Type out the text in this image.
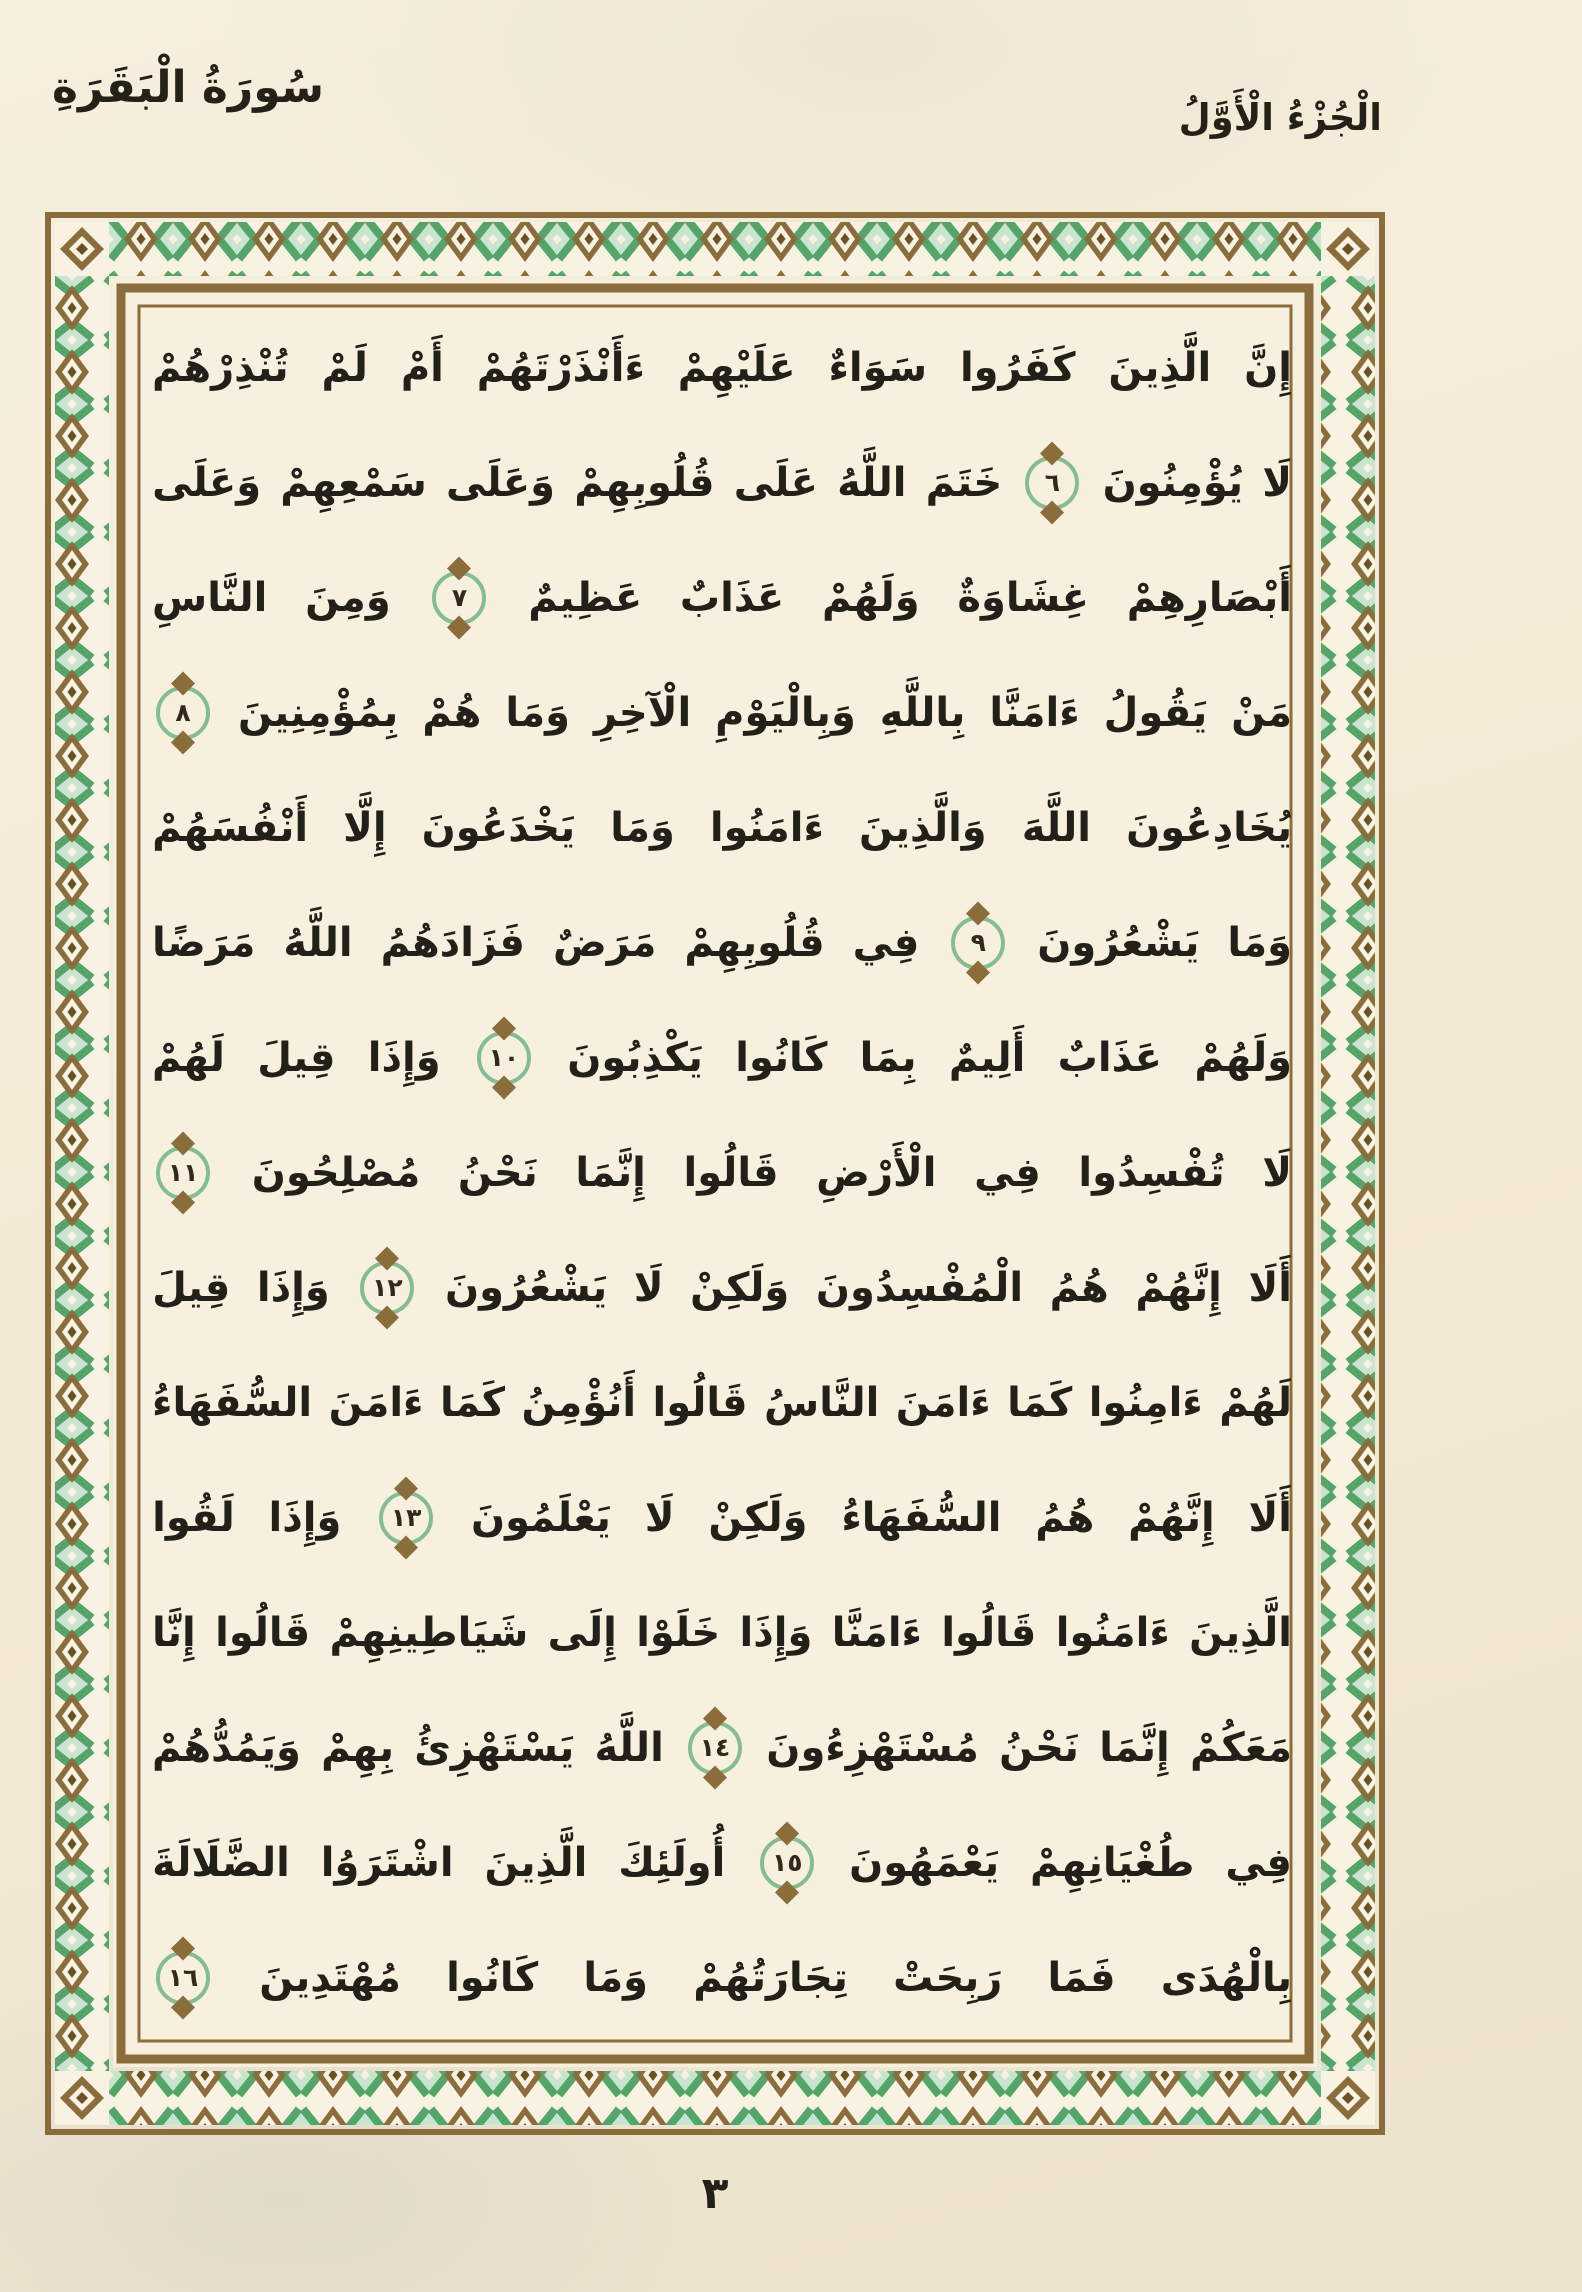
سُورَةُ الْبَقَرَةِ
الْجُزْءُ الْأَوَّلُ
إِنَّ
الَّذِينَ
كَفَرُوا
سَوَاءٌ
عَلَيْهِمْ
ءَأَنْذَرْتَهُمْ
أَمْ
لَمْ
تُنْذِرْهُمْ
لَا
يُؤْمِنُونَ
٦
خَتَمَ
اللَّهُ
عَلَى
قُلُوبِهِمْ
وَعَلَى
سَمْعِهِمْ
وَعَلَى
أَبْصَارِهِمْ
غِشَاوَةٌ
وَلَهُمْ
عَذَابٌ
عَظِيمٌ
٧
وَمِنَ
النَّاسِ
مَنْ
يَقُولُ
ءَامَنَّا
بِاللَّهِ
وَبِالْيَوْمِ
الْآخِرِ
وَمَا
هُمْ
بِمُؤْمِنِينَ
٨
يُخَادِعُونَ
اللَّهَ
وَالَّذِينَ
ءَامَنُوا
وَمَا
يَخْدَعُونَ
إِلَّا
أَنْفُسَهُمْ
وَمَا
يَشْعُرُونَ
٩
فِي
قُلُوبِهِمْ
مَرَضٌ
فَزَادَهُمُ
اللَّهُ
مَرَضًا
وَلَهُمْ
عَذَابٌ
أَلِيمٌ
بِمَا
كَانُوا
يَكْذِبُونَ
١٠
وَإِذَا
قِيلَ
لَهُمْ
لَا
تُفْسِدُوا
فِي
الْأَرْضِ
قَالُوا
إِنَّمَا
نَحْنُ
مُصْلِحُونَ
١١
أَلَا
إِنَّهُمْ
هُمُ
الْمُفْسِدُونَ
وَلَكِنْ
لَا
يَشْعُرُونَ
١٢
وَإِذَا
قِيلَ
لَهُمْ
ءَامِنُوا
كَمَا
ءَامَنَ
النَّاسُ
قَالُوا
أَنُؤْمِنُ
كَمَا
ءَامَنَ
السُّفَهَاءُ
أَلَا
إِنَّهُمْ
هُمُ
السُّفَهَاءُ
وَلَكِنْ
لَا
يَعْلَمُونَ
١٣
وَإِذَا
لَقُوا
الَّذِينَ
ءَامَنُوا
قَالُوا
ءَامَنَّا
وَإِذَا
خَلَوْا
إِلَى
شَيَاطِينِهِمْ
قَالُوا
إِنَّا
مَعَكُمْ
إِنَّمَا
نَحْنُ
مُسْتَهْزِءُونَ
١٤
اللَّهُ
يَسْتَهْزِئُ
بِهِمْ
وَيَمُدُّهُمْ
فِي
طُغْيَانِهِمْ
يَعْمَهُونَ
١٥
أُولَئِكَ
الَّذِينَ
اشْتَرَوُا
الضَّلَالَةَ
بِالْهُدَى
فَمَا
رَبِحَتْ
تِجَارَتُهُمْ
وَمَا
كَانُوا
مُهْتَدِينَ
١٦
٣
